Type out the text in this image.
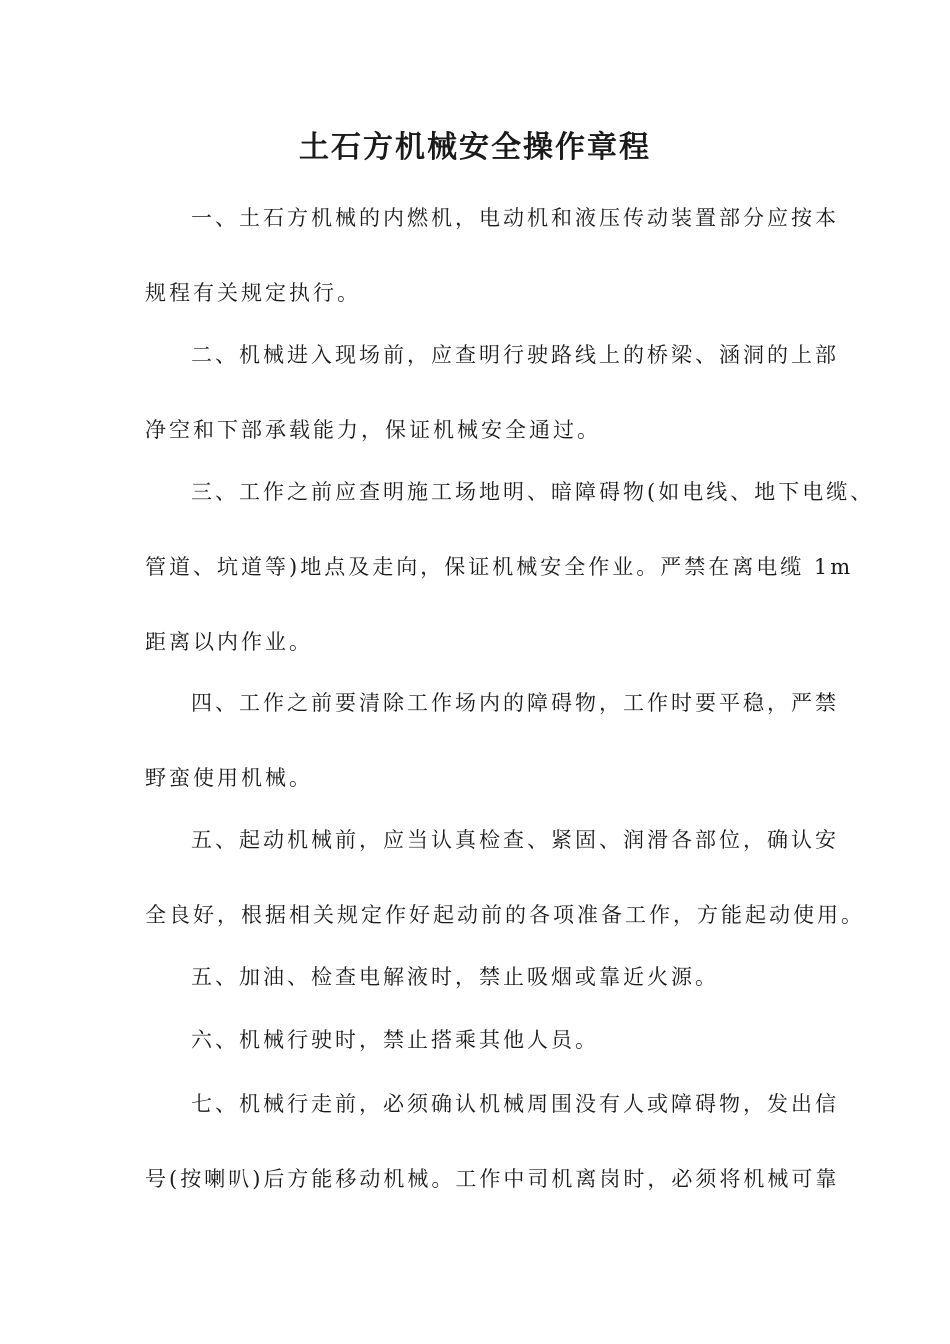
土石方机械安全操作章程
一、土石方机械的内燃机，电动机和液压传动装置部分应按本
规程有关规定执行。
二、机械进入现场前，应查明行驶路线上的桥梁、涵洞的上部
净空和下部承载能力，保证机械安全通过。
三、工作之前应查明施工场地明、暗障碍物(如电线、地下电缆、
管道、坑道等)地点及走向，保证机械安全作业。严禁在离电缆 1m
距离以内作业。
四、工作之前要清除工作场内的障碍物，工作时要平稳，严禁
野蛮使用机械。
五、起动机械前，应当认真检查、紧固、润滑各部位，确认安
全良好，根据相关规定作好起动前的各项准备工作，方能起动使用。
五、加油、检查电解液时，禁止吸烟或靠近火源。
六、机械行驶时，禁止搭乘其他人员。
七、机械行走前，必须确认机械周围没有人或障碍物，发出信
号(按喇叭)后方能移动机械。工作中司机离岗时，必须将机械可靠
